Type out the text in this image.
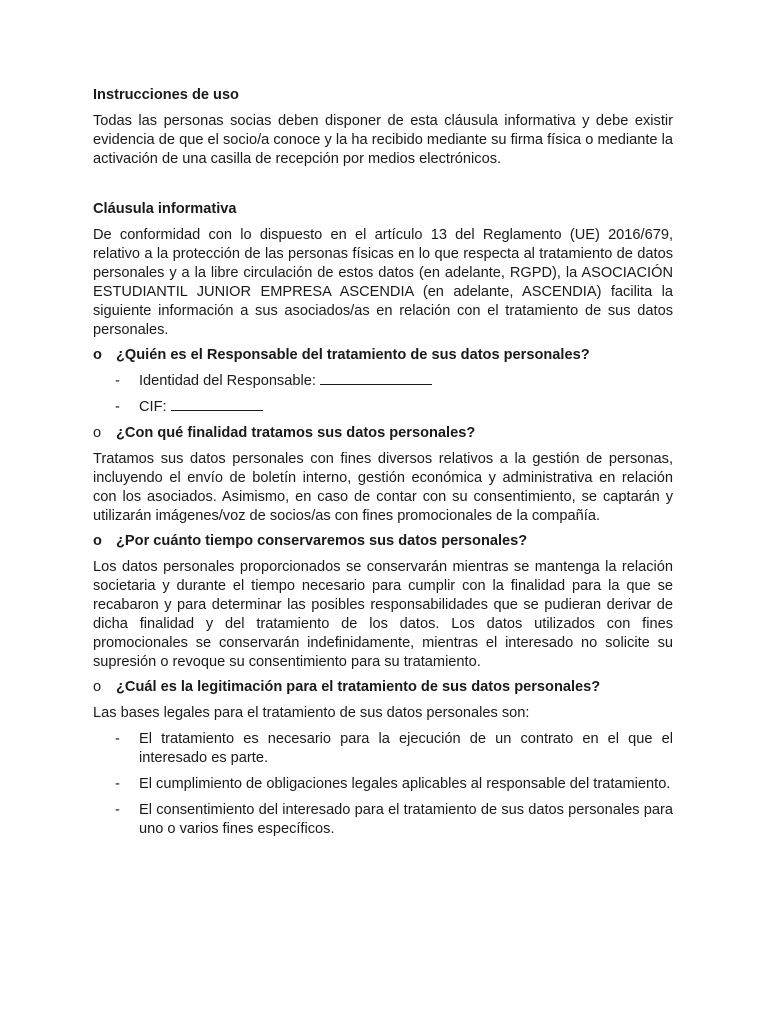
Instrucciones de uso

Todas las personas socias deben disponer de esta cláusula informativa y debe existir evidencia de que el socio/a conoce y la ha recibido mediante su firma física o mediante la activación de una casilla de recepción por medios electrónicos.

Cláusula informativa

De conformidad con lo dispuesto en el artículo 13 del Reglamento (UE) 2016/679, relativo a la protección de las personas físicas en lo que respecta al tratamiento de datos personales y a la libre circulación de estos datos (en adelante, RGPD), la ASOCIACIÓN ESTUDIANTIL JUNIOR EMPRESA ASCENDIA (en adelante, ASCENDIA) facilita la siguiente información a sus asociados/as en relación con el tratamiento de sus datos personales.

o ¿Quién es el Responsable del tratamiento de sus datos personales?
-	Identidad del Responsable:
-	CIF:
o	¿Con qué finalidad tratamos sus datos personales?

Tratamos sus datos personales con fines diversos relativos a la gestión de personas, incluyendo el envío de boletín interno, gestión económica y administrativa en relación con los asociados. Asimismo, en caso de contar con su consentimiento, se captarán y utilizarán imágenes/voz de socios/as con fines promocionales de la compañía.

o ¿Por cuánto tiempo conservaremos sus datos personales?

Los datos personales proporcionados se conservarán mientras se mantenga la relación societaria y durante el tiempo necesario para cumplir con la finalidad para la que se recabaron y para determinar las posibles responsabilidades que se pudieran derivar de dicha finalidad y del tratamiento de los datos. Los datos utilizados con fines promocionales se conservarán indefinidamente, mientras el interesado no solicite su supresión o revoque su consentimiento para su tratamiento.

o	¿Cuál es la legitimación para el tratamiento de sus datos personales?

Las bases legales para el tratamiento de sus datos personales son:

-	El tratamiento es necesario para la ejecución de un contrato en el que el interesado es parte.
-	El cumplimiento de obligaciones legales aplicables al responsable del tratamiento.
-	El consentimiento del interesado para el tratamiento de sus datos personales para uno o varios fines específicos.
